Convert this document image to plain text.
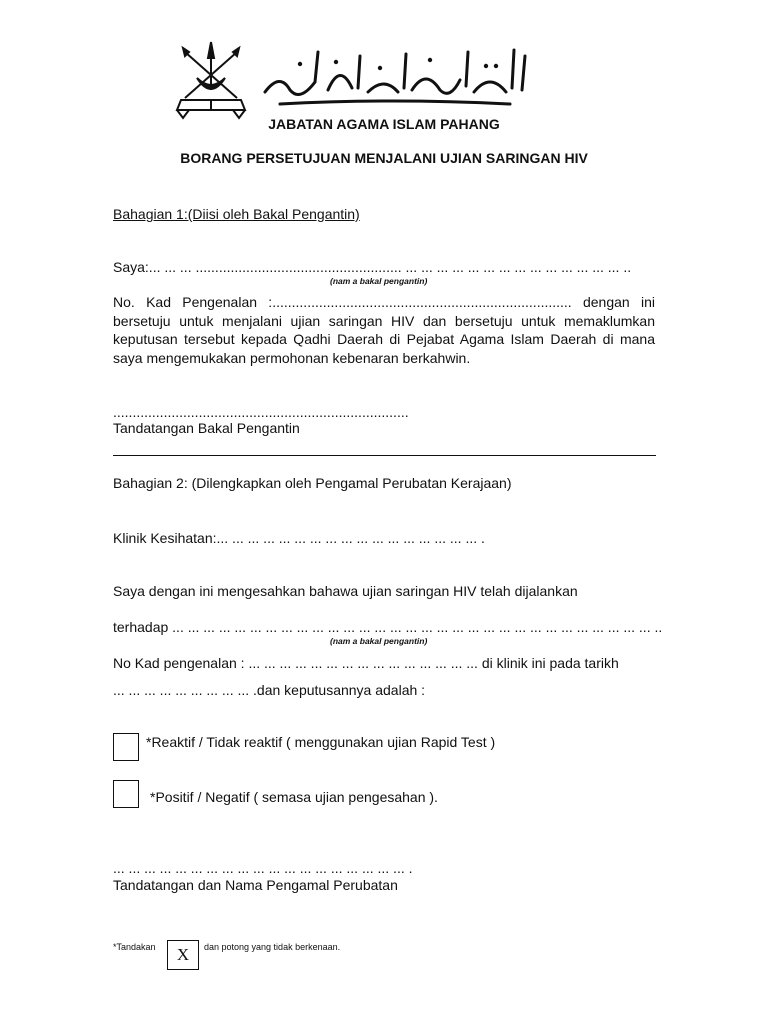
JABATAN AGAMA ISLAM PAHANG
BORANG PERSETUJUAN MENJALANI UJIAN SARINGAN HIV
Bahagian 1:(Diisi oleh Bakal Pengantin)
Saya:... ... ... ..................................................... ... ... ... ... ... ... ... ... ... ... ... ... ... ... ..
(nam a bakal pengantin)
No. Kad Pengenalan :............................................................................. dengan ini bersetuju untuk menjalani ujian saringan HIV dan bersetuju untuk memaklumkan keputusan tersebut kepada Qadhi Daerah di Pejabat Agama Islam Daerah di mana saya mengemukakan permohonan kebenaran berkahwin.
............................................................................
Tandatangan Bakal Pengantin
Bahagian 2: (Dilengkapkan oleh Pengamal Perubatan Kerajaan)
Klinik Kesihatan:... ... ... ... ... ... ... ... ... ... ... ... ... ... ... ... ... .
Saya dengan ini mengesahkan bahawa ujian saringan HIV telah dijalankan
terhadap ... ... ... ... ... ... ... ... ... ... ... ... ... ... ... ... ... ... ... ... ... ... ... ... ... ... ... ... ... ... ... ..
(nam a bakal pengantin)
No Kad pengenalan : ... ... ... ... ... ... ... ... ... ... ... ... ... ... ... di klinik ini pada tarikh
... ... ... ... ... ... ... ... ... .dan keputusannya adalah :
*Reaktif / Tidak reaktif ( menggunakan ujian Rapid Test )
*Positif / Negatif ( semasa ujian pengesahan ).
... ... ... ... ... ... ... ... ... ... ... ... ... ... ... ... ... ... ... .
Tandatangan dan Nama Pengamal Perubatan
*Tandakan	X	dan potong yang tidak berkenaan.
